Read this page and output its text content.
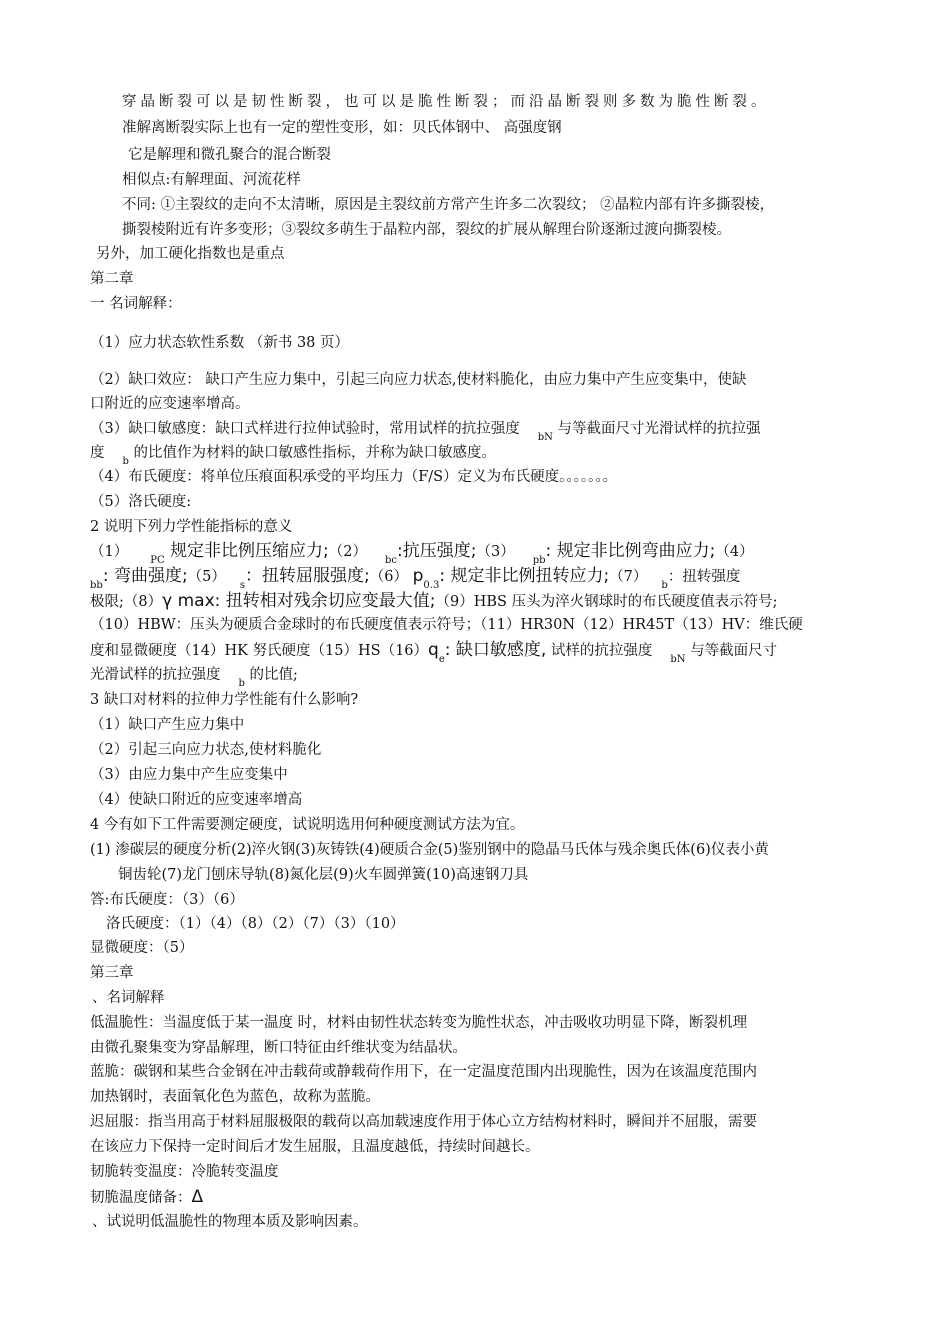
穿晶断裂可以是韧性断裂，也可以是脆性断裂；而沿晶断裂则多数为脆性断裂。
准解离断裂实际上也有一定的塑性变形，如：贝氏体钢中、 高强度钢
它是解理和微孔聚合的混合断裂
相似点:有解理面、河流花样
不同: ①主裂纹的走向不太清晰，原因是主裂纹前方常产生许多二次裂纹； ②晶粒内部有许多撕裂棱，
撕裂棱附近有许多变形；③裂纹多萌生于晶粒内部，裂纹的扩展从解理台阶逐渐过渡向撕裂棱。
另外，加工硬化指数也是重点
第二章
一 名词解释：
（1）应力状态软性系数 （新书 38 页）
（2）缺口效应： 缺口产生应力集中，引起三向应力状态,使材料脆化，由应力集中产生应变集中，使缺
口附近的应变速率增高。
（3）缺口敏感度：缺口式样进行拉伸试验时，常用试样的抗拉强度$_{bN}$ 与等截面尺寸光滑试样的抗拉强
度$_b$ 的比值作为材料的缺口敏感性指标，并称为缺口敏感度。
（4）布氏硬度：将单位压痕面积承受的平均压力（F/S）定义为布氏硬度。。。。。。。
（5）洛氏硬度:
2 说明下列力学性能指标的意义
$(1)_{PC}$ 规定非比例压缩应力$;(2)_{bc}$:抗压强度$;(3)_{pb}$: 规定非比例弯曲应力;（4）
$_{bb}$: 弯曲强度$;(5)_s$：扭转屈服强度;（6） $p_{0.3}$: 规定非比例扭转应力$;(7)_b$：扭转强度
极限;（8）γ max: 扭转相对残余切应变最大值;（9）HBS 压头为淬火钢球时的布氏硬度值表示符号;
（10）HBW：压头为硬质合金球时的布氏硬度值表示符号；（11）HR30N（12）HR45T（13）HV：维氏硬
度和显微硬度（14）HK 努氏硬度$(15)HS(16)q_e$: 缺口敏感度, 试样的抗拉强度$_{bN}$ 与等截面尺寸
光滑试样的抗拉强度$_b$ 的比值;
3 缺口对材料的拉伸力学性能有什么影响?
（1）缺口产生应力集中
（2）引起三向应力状态,使材料脆化
（3）由应力集中产生应变集中
（4）使缺口附近的应变速率增高
4 今有如下工件需要测定硬度，试说明选用何种硬度测试方法为宜。
(1) 渗碳层的硬度分析(2)淬火钢(3)灰铸铁(4)硬质合金(5)鉴别钢中的隐晶马氏体与残余奥氏体(6)仪表小黄
铜齿轮(7)龙门刨床导轨(8)氮化层(9)火车圆弹簧(10)高速钢刀具
答:布氏硬度：（3）（6）
洛氏硬度：（1）（4）（8）（2）（7）（3）（10）
显微硬度：（5）
第三章
、名词解释
低温脆性：当温度低于某一温度 时，材料由韧性状态转变为脆性状态，冲击吸收功明显下降，断裂机理
由微孔聚集变为穿晶解理，断口特征由纤维状变为结晶状。
蓝脆：碳钢和某些合金钢在冲击载荷或静载荷作用下，在一定温度范围内出现脆性，因为在该温度范围内
加热钢时，表面氧化色为蓝色，故称为蓝脆。
迟屈服：指当用高于材料屈服极限的载荷以高加载速度作用于体心立方结构材料时，瞬间并不屈服，需要
在该应力下保持一定时间后才发生屈服，且温度越低，持续时间越长。
韧脆转变温度：冷脆转变温度
韧脆温度储备：Δ
、试说明低温脆性的物理本质及影响因素。
